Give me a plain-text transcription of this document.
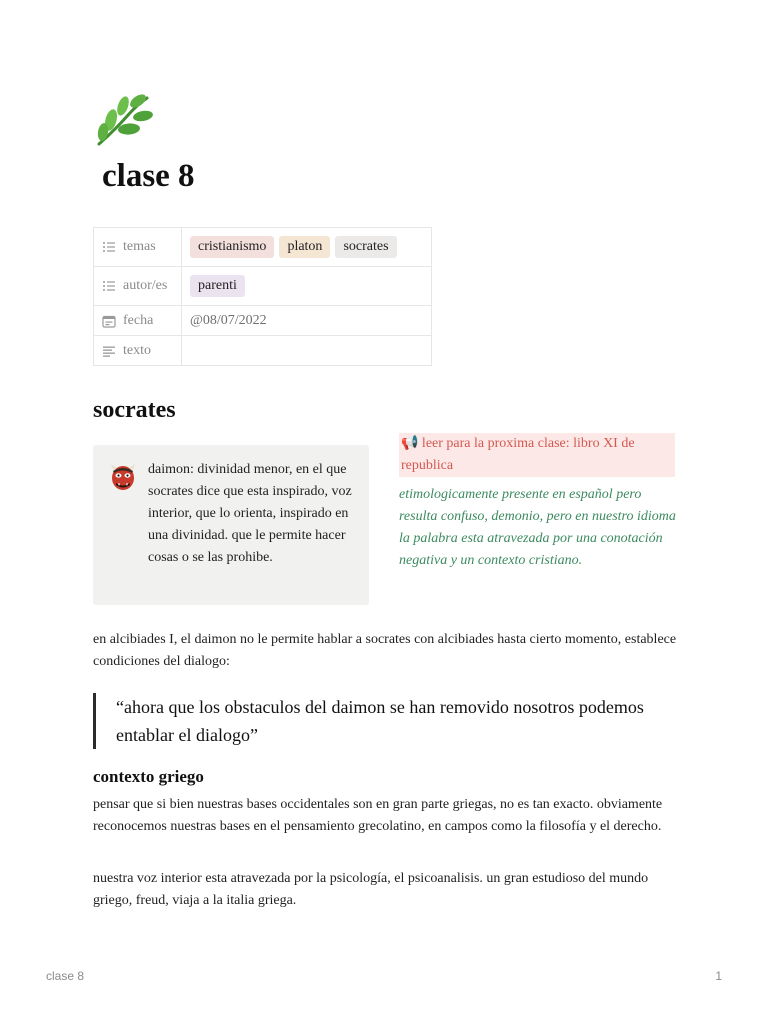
clase 8
temas	cristianismo platon socrates

autor/es	parenti

fecha	@08/07/2022

texto	

socrates
daimon: divinidad menor, en el que socrates dice que esta inspirado, voz interior, que lo orienta, inspirado en una divinidad. que le permite hacer cosas o se las prohibe.
📢 leer para la proxima clase: libro XI de republica

etimologicamente presente en español pero resulta confuso, demonio, pero en nuestro idioma la palabra esta atravezada por una conotación negativa y un contexto cristiano.

en alcibiades I, el daimon no le permite hablar a socrates con alcibiades hasta cierto momento, establece condiciones del dialogo:

“ahora que los obstaculos del daimon se han removido nosotros podemos entablar el dialogo”
contexto griego

pensar que si bien nuestras bases occidentales son en gran parte griegas, no es tan exacto. obviamente reconocemos nuestras bases en el pensamiento grecolatino, en campos como la filosofía y el derecho.

nuestra voz interior esta atravezada por la psicología, el psicoanalisis. un gran estudioso del mundo griego, freud, viaja a la italia griega.

clase 8	1
